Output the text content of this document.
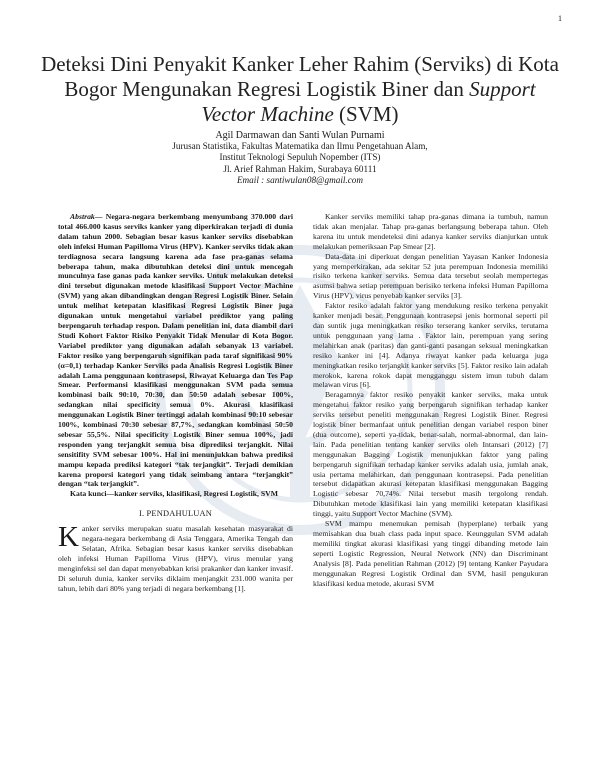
1
Deteksi Dini Penyakit Kanker Leher Rahim (Serviks) di Kota Bogor Mengunakan Regresi Logistik Biner dan Support Vector Machine (SVM)
Agil Darmawan dan Santi Wulan Purnami
Jurusan Statistika, Fakultas Matematika dan Ilmu Pengetahuan Alam,
Institut Teknologi Sepuluh Nopember (ITS)
Jl. Arief Rahman Hakim, Surabaya 60111
Email : santiwulan08@gmail.com

Abstrak— Negara-negara berkembang menyumbang 370.000 dari total 466.000 kasus serviks kanker yang diperkirakan terjadi di dunia dalam tahun 2000. Sebagian besar kasus kanker serviks disebabkan oleh infeksi Human Papilloma Virus (HPV). Kanker serviks tidak akan terdiagnosa secara langsung karena ada fase pra-ganas selama beberapa tahun, maka dibutuhkan deteksi dini untuk mencegah munculnya fase ganas pada kanker serviks. Untuk melakukan deteksi dini tersebut digunakan metode klasifikasi Support Vector Machine (SVM) yang akan dibandingkan dengan Regresi Logistik Biner. Selain untuk melihat ketepatan klasifikasi Regresi Logistik Biner juga digunakan untuk mengetahui variabel prediktor yang paling berpengaruh terhadap respon. Dalam penelitian ini, data diambil dari Studi Kohort Faktor Risiko Penyakit Tidak Menular di Kota Bogor. Variabel prediktor yang digunakan adalah sebanyak 13 variabel. Faktor resiko yang berpengaruh signifikan pada taraf signifikasi 90% (α=0,1) terhadap Kanker Serviks pada Analisis Regresi Logistik Biner adalah Lama penggunaan kontrasepsi, Riwayat Keluarga dan Tes Pap Smear. Performansi klasifikasi menggunakan SVM pada semua kombinasi baik 90:10, 70:30, dan 50:50 adalah sebesar 100%, sedangkan nilai specificity semua 0%. Akurasi klasifikasi menggunakan Logistik Biner tertinggi adalah kombinasi 90:10 sebesar 100%, kombinasi 70:30 sebesar 87,7%, sedangkan kombinasi 50:50 sebesar 55,5%. Nilai specificity Logistik Biner semua 100%, jadi responden yang terjangkit semua bisa diprediksi terjangkit. Nilai sensitifity SVM sebesar 100%. Hal ini menunjukkan bahwa prediksi mampu kepada prediksi kategori “tak terjangkit”. Terjadi demikian karena proporsi kategori yang tidak seimbang antara “terjangkit” dengan “tak terjangkit”.

Kata kunci—kanker serviks, klasifikasi, Regresi Logistik, SVM

I. PENDAHULUAN

Kanker serviks merupakan suatu masalah kesehatan masyarakat di negara-negara berkembang di Asia Tenggara, Amerika Tengah dan Selatan, Afrika. Sebagian besar kasus kanker serviks disebabkan oleh infeksi Human Papilloma Virus (HPV), virus menular yang menginfeksi sel dan dapat menyebabkan krisi prakanker dan kanker invasif. Di seluruh dunia, kanker serviks diklaim menjangkit 231.000 wanita per tahun, lebih dari 80% yang terjadi di negara berkembang [1].

Kanker serviks memiliki tahap pra-ganas dimana ia tumbuh, namun tidak akan menjalar. Tahap pra-ganas berlangsung beberapa tahun. Oleh karena itu untuk mendeteksi dini adanya kanker serviks dianjurkan untuk melakukan pemeriksaan Pap Smear [2].

Data-data ini diperkuat dengan penelitian Yayasan Kanker Indonesia yang memperkirakan, ada sekitar 52 juta perempuan Indonesia memiliki risiko terkena kanker serviks. Semua data tersebut seolah mempertegas asumsi bahwa setiap perempuan berisiko terkena infeksi Human Papilloma Virus (HPV), virus penyebab kanker serviks [3].

Faktor resiko adalah faktor yang mendukung resiko terkena penyakit kanker menjadi besar. Penggunaan kontrasepsi jenis hormonal seperti pil dan suntik juga meningkatkan resiko terserang kanker serviks, terutama untuk penggunaan yang lama . Faktor lain, perempuan yang sering melahirkan anak (paritas) dan ganti-ganti pasangan seksual meningkatkan resiko kanker ini [4]. Adanya riwayat kanker pada keluarga juga meningkatkan resiko terjangkit kanker serviks [5]. Faktor resiko lain adalah merokok, karena rokok dapat mengganggu sistem imun tubuh dalam melawan virus [6].

Beragamnya faktor resiko penyakit kanker serviks, maka untuk mengetahui faktor resiko yang berpengaruh signifikan terhadap kanker serviks tersebut peneliti menggunakan Regresi Logistik Biner. Regresi logistik biner bermanfaat untuk penelitian dengan variabel respon biner (dua outcome), seperti ya-tidak, benar-salah, normal-abnormal, dan lain-lain. Pada penelitian tentang kanker serviks oleh Intansari (2012) [7] menggunakan Bagging Logistik menunjukkan faktor yang paling berpengaruh signifikan terhadap kanker serviks adalah usia, jumlah anak, usia pertama melahirkan, dan penggunaan kontrasepsi. Pada penelitian tersebut didapatkan akurasi ketepatan klasifikasi menggunakan Bagging Logistic sebesar 70,74%. Nilai tersebut masih tergolong rendah. Dibutuhkan metode klasifikasi lain yang memiliki ketepatan klasifikasi tinggi, yaitu Support Vector Machine (SVM).

SVM mampu menemukan pemisah (hyperplane) terbaik yang memisahkan dua buah class pada input space. Keunggulan SVM adalah memiliki tingkat akurasi klasifikasi yang tinggi dibanding metode lain seperti Logistic Regression, Neural Network (NN) dan Discriminant Analysis [8]. Pada penelitian Rahman (2012) [9] tentang Kanker Payudara menggunakan Regresi Logistik Ordinal dan SVM, hasil pengukuran klasifikasi kedua metode, akurasi SVM
